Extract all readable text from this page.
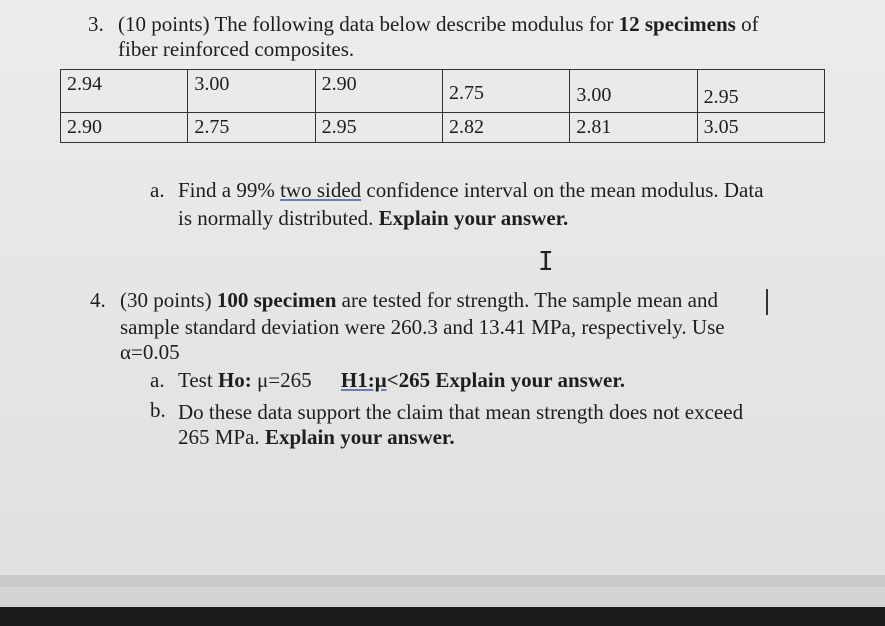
3. (10 points) The following data below describe modulus for 12 specimens of
fiber reinforced composites.
2.94	3.00	2.90	2.75	3.00	2.95
2.90	2.75	2.95	2.82	2.81	3.05
a. Find a 99% two sided confidence interval on the mean modulus. Data
is normally distributed. Explain your answer.
I
4. (30 points) 100 specimen are tested for strength. The sample mean and
sample standard deviation were 260.3 and 13.41 MPa, respectively. Use
α=0.05
a. Test Ho: μ=265 H1:μ<265 Explain your answer.
b. Do these data support the claim that mean strength does not exceed
265 MPa. Explain your answer.
